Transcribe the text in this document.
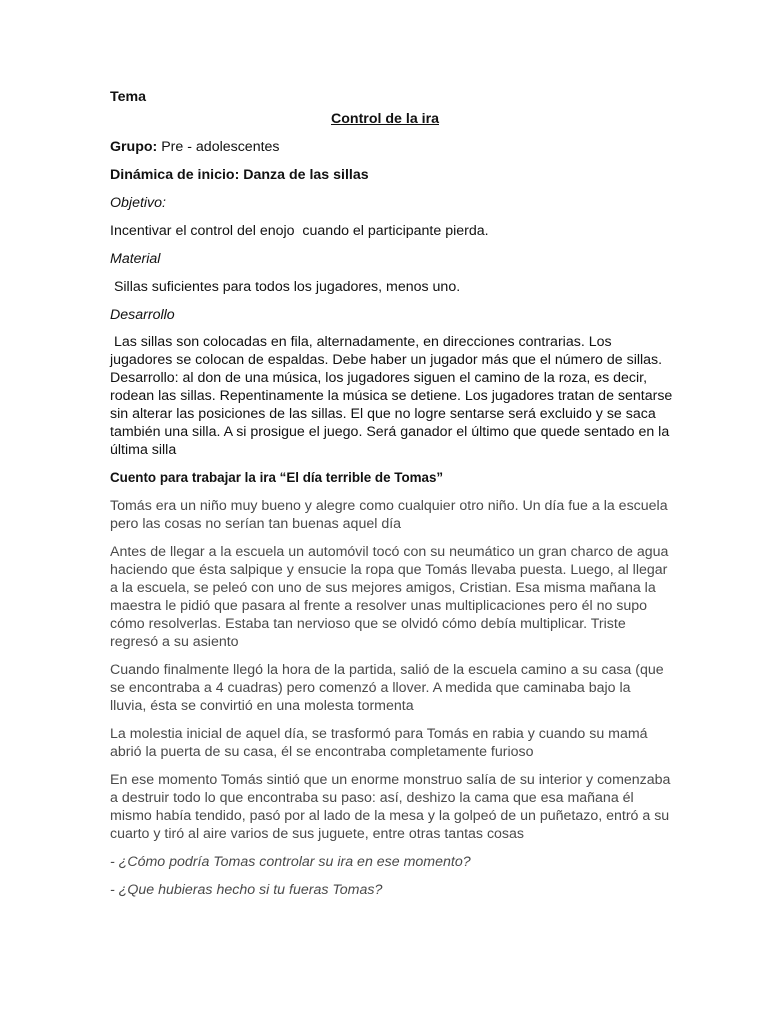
Tema
Control de la ira
Grupo: Pre - adolescentes
Dinámica de inicio: Danza de las sillas
Objetivo:
Incentivar el control del enojo  cuando el participante pierda.
Material
Sillas suficientes para todos los jugadores, menos uno.
Desarrollo
Las sillas son colocadas en fila, alternadamente, en direcciones contrarias. Los
jugadores se colocan de espaldas. Debe haber un jugador más que el número de sillas.
Desarrollo: al don de una música, los jugadores siguen el camino de la roza, es decir,
rodean las sillas. Repentinamente la música se detiene. Los jugadores tratan de sentarse
sin alterar las posiciones de las sillas. El que no logre sentarse será excluido y se saca
también una silla. A si prosigue el juego. Será ganador el último que quede sentado en la
última silla
Cuento para trabajar la ira “El día terrible de Tomas”

Tomás era un niño muy bueno y alegre como cualquier otro niño. Un día fue a la escuela
pero las cosas no serían tan buenas aquel día

Antes de llegar a la escuela un automóvil tocó con su neumático un gran charco de agua
haciendo que ésta salpique y ensucie la ropa que Tomás llevaba puesta. Luego, al llegar
a la escuela, se peleó con uno de sus mejores amigos, Cristian. Esa misma mañana la
maestra le pidió que pasara al frente a resolver unas multiplicaciones pero él no supo
cómo resolverlas. Estaba tan nervioso que se olvidó cómo debía multiplicar. Triste
regresó a su asiento

Cuando finalmente llegó la hora de la partida, salió de la escuela camino a su casa (que
se encontraba a 4 cuadras) pero comenzó a llover. A medida que caminaba bajo la
lluvia, ésta se convirtió en una molesta tormenta

La molestia inicial de aquel día, se trasformó para Tomás en rabia y cuando su mamá
abrió la puerta de su casa, él se encontraba completamente furioso

En ese momento Tomás sintió que un enorme monstruo salía de su interior y comenzaba
a destruir todo lo que encontraba su paso: así, deshizo la cama que esa mañana él
mismo había tendido, pasó por al lado de la mesa y la golpeó de un puñetazo, entró a su
cuarto y tiró al aire varios de sus juguete, entre otras tantas cosas

- ¿Cómo podría Tomas controlar su ira en ese momento?

- ¿Que hubieras hecho si tu fueras Tomas?
